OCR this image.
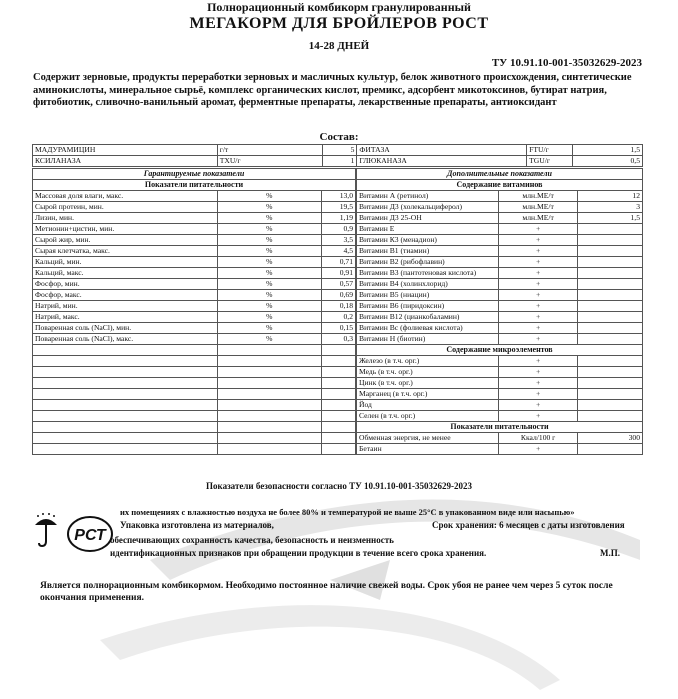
Полнорационный комбикорм гранулированный
МЕГАКОРМ ДЛЯ БРОЙЛЕРОВ РОСТ
14-28 ДНЕЙ
ТУ 10.91.10-001-35032629-2023
Содержит зерновые, продукты переработки зерновых и масличных культур, белок животного происхождения, синтетические аминокислоты, минеральное сырьё, комплекс органических кислот, премикс, адсорбент микотоксинов, бутират натрия, фитобиотик, сливочно-ванильный аромат, ферментные препараты, лекарственные препараты, антиоксидант
Состав:
МАДУРАМИЦИН	г/т	5	ФИТАЗА	FTU/г	1,5
КСИЛАНАЗА	TXU/г	1	ГЛЮКАНАЗА	TGU/г	0,5
Гарантируемые показатели		
Показатели питательности		
Массовая доля влаги, макс.	%	13,0
Сырой протеин, мин.	%	19,5
Лизин, мин.	%	1,19
Метионин+цистин, мин.	%	0,9
Сырой жир, мин.	%	3,5
Сырая клетчатка, макс.	%	4,5
Кальций, мин.	%	0,71
Кальций, макс.	%	0,91
Фосфор, мин.	%	0,57
Фосфор, макс.	%	0,69
Натрий, мин.	%	0,18
Натрий, макс.	%	0,2
Поваренная соль (NaCl), мин.	%	0,15
Поваренная соль (NaCl), макс.	%	0,3

Дополнительные показатели		
Содержание витаминов		
Витамин А (ретинол)	млн.МЕ/т	12
Витамин Д3 (холекальциферол)	млн.МЕ/т	3
Витамин Д3 25-ОН	млн.МЕ/т	1,5
Витамин Е	+	
Витамин К3 (менадион)	+	
Витамин В1 (тиамин)	+	
Витамин В2 (рибофлавин)	+	
Витамин В3 (пантотеновая кислота)	+	
Витамин В4 (холинхлорид)	+	
Витамин В5 (ниацин)	+	
Витамин В6 (пиридоксин)	+	
Витамин В12 (цианкобаламин)	+	
Витамин Вс (фолиевая кислота)	+	
Витамин Н (биотин)	+	
Содержание микроэлементов		
Железо (в т.ч. орг.)	+	
Медь (в т.ч. орг.)	+	
Цинк (в т.ч. орг.)	+	
Марганец (в т.ч. орг.)	+	
Йод	+	
Селен (в т.ч. орг.)	+	
Показатели питательности		
Обменная энергия, не менее	Ккал/100 г	300
Бетаин	+	
Показатели безопасности согласно ТУ 10.91.10-001-35032629-2023
РСТ
их помещениях с влажностью воздуха не более 80% и температурой не выше 25°С в упакованном виде или насыпью»
Упаковка изготовлена из материалов,	Срок хранения: 6 месяцев с даты изготовления
обеспечивающих сохранность качества, безопасность и неизменность
идентификационных признаков при обращении продукции в течение всего срока хранения.	М.П.
Является полнорационным комбикормом. Необходимо постоянное наличие свежей воды. Срок убоя не ранее чем через 5 суток после окончания применения.
